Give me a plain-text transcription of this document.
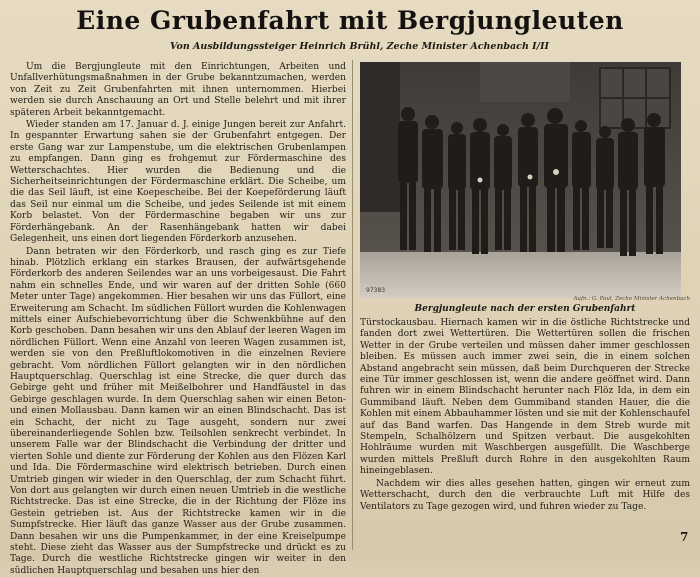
Eine Grubenfahrt mit Bergjungleuten
Von Ausbildungssteiger Heinrich Brühl, Zeche Minister Achenbach I/II

Um die Bergjungleute mit den Einrichtungen, Arbeiten und Unfallverhütungsmaßnahmen in der Grube bekanntzumachen, werden von Zeit zu Zeit Grubenfahrten mit ihnen unternommen. Hierbei werden sie durch Anschauung an Ort und Stelle belehrt und mit ihrer späteren Arbeit bekanntgemacht.

Wieder standen am 17. Januar d. J. einige Jungen bereit zur Anfahrt. In gespannter Erwartung sahen sie der Grubenfahrt entgegen. Der erste Gang war zur Lampenstube, um die elektrischen Grubenlampen zu empfangen. Dann ging es frohgemut zur Fördermaschine des Wetterschachtes. Hier wurden die Bedienung und die Sicherheitseinrichtungen der Fördermaschine erklärt. Die Scheibe, um die das Seil läuft, ist eine Koepescheibe. Bei der Koepeförderung läuft das Seil nur einmal um die Scheibe, und jedes Seilende ist mit einem Korb belastet. Von der Fördermaschine begaben wir uns zur Förderhängebank. An der Rasenhängebank hatten wir dabei Gelegenheit, uns einen dort liegenden Förderkorb anzusehen.

Dann betraten wir den Förderkorb, und rasch ging es zur Tiefe hinab. Plötzlich erklang ein starkes Brausen, der aufwärtsgehende Förderkorb des anderen Seilendes war an uns vorbeigesaust. Die Fahrt nahm ein schnelles Ende, und wir waren auf der dritten Sohle (660 Meter unter Tage) angekommen. Hier besahen wir uns das Füllort, eine Erweiterung am Schacht. Im südlichen Füllort wurden die Kohlenwagen mittels einer Aufschiebevorrichtung über die Schwenkbühne auf den Korb geschoben. Dann besahen wir uns den Ablauf der leeren Wagen im nördlichen Füllort. Wenn eine Anzahl von leeren Wagen zusammen ist, werden sie von den Preßluftlokomotiven in die einzelnen Reviere gebracht. Vom nördlichen Füllort gelangten wir in den nördlichen Hauptquerschlag. Querschlag ist eine Strecke, die quer durch das Gebirge geht und früher mit Meißelbohrer und Handfäustel in das Gebirge geschlagen wurde. In dem Querschlag sahen wir einen Beton- und einen Mollausbau. Dann kamen wir an einen Blindschacht. Das ist ein Schacht, der nicht zu Tage ausgeht, sondern nur zwei übereinanderliegende Sohlen bzw. Teilsohlen senkrecht verbindet. In unserem Falle war der Blindschacht die Verbindung der dritter und vierten Sohle und diente zur Förderung der Kohlen aus den Flözen Karl und Ida. Die Fördermaschine wird elektrisch betrieben. Durch einen Umtrieb gingen wir wieder in den Querschlag, der zum Schacht führt. Von dort aus gelangten wir durch einen neuen Umtrieb in die westliche Richtstrecke. Das ist eine Strecke, die in der Richtung der Flöze ins Gestein getrieben ist. Aus der Richtstrecke kamen wir in die Sumpfstrecke. Hier läuft das ganze Wasser aus der Grube zusammen. Dann besahen wir uns die Pumpenkammer, in der eine Kreiselpumpe steht. Diese zieht das Wasser aus der Sumpfstrecke und drückt es zu Tage. Durch die westliche Richtstrecke gingen wir weiter in den südlichen Hauptquerschlag und besahen uns hier den

97383
Aufn.: G. Paul, Zeche Minister Achenbach
Bergjungleute nach der ersten Grubenfahrt

Türstockausbau. Hiernach kamen wir in die östliche Richtstrecke und fanden dort zwei Wettertüren. Die Wettertüren sollen die frischen Wetter in der Grube verteilen und müssen daher immer geschlossen bleiben. Es müssen auch immer zwei sein, die in einem solchen Abstand angebracht sein müssen, daß beim Durchqueren der Strecke eine Tür immer geschlossen ist, wenn die andere geöffnet wird. Dann fuhren wir in einem Blindschacht herunter nach Flöz Ida, in dem ein Gummiband läuft. Neben dem Gummiband standen Hauer, die die Kohlen mit einem Abbauhammer lösten und sie mit der Kohlenschaufel auf das Band warfen. Das Hangende in dem Streb wurde mit Stempeln, Schalhölzern und Spitzen verbaut. Die ausgekohlten Hohlräume wurden mit Waschbergen ausgefüllt. Die Waschberge wurden mittels Preßluft durch Rohre in den ausgekohlten Raum hineingeblasen.

Nachdem wir dies alles gesehen hatten, gingen wir erneut zum Wetterschacht, durch den die verbrauchte Luft mit Hilfe des Ventilators zu Tage gezogen wird, und fuhren wieder zu Tage.

7
